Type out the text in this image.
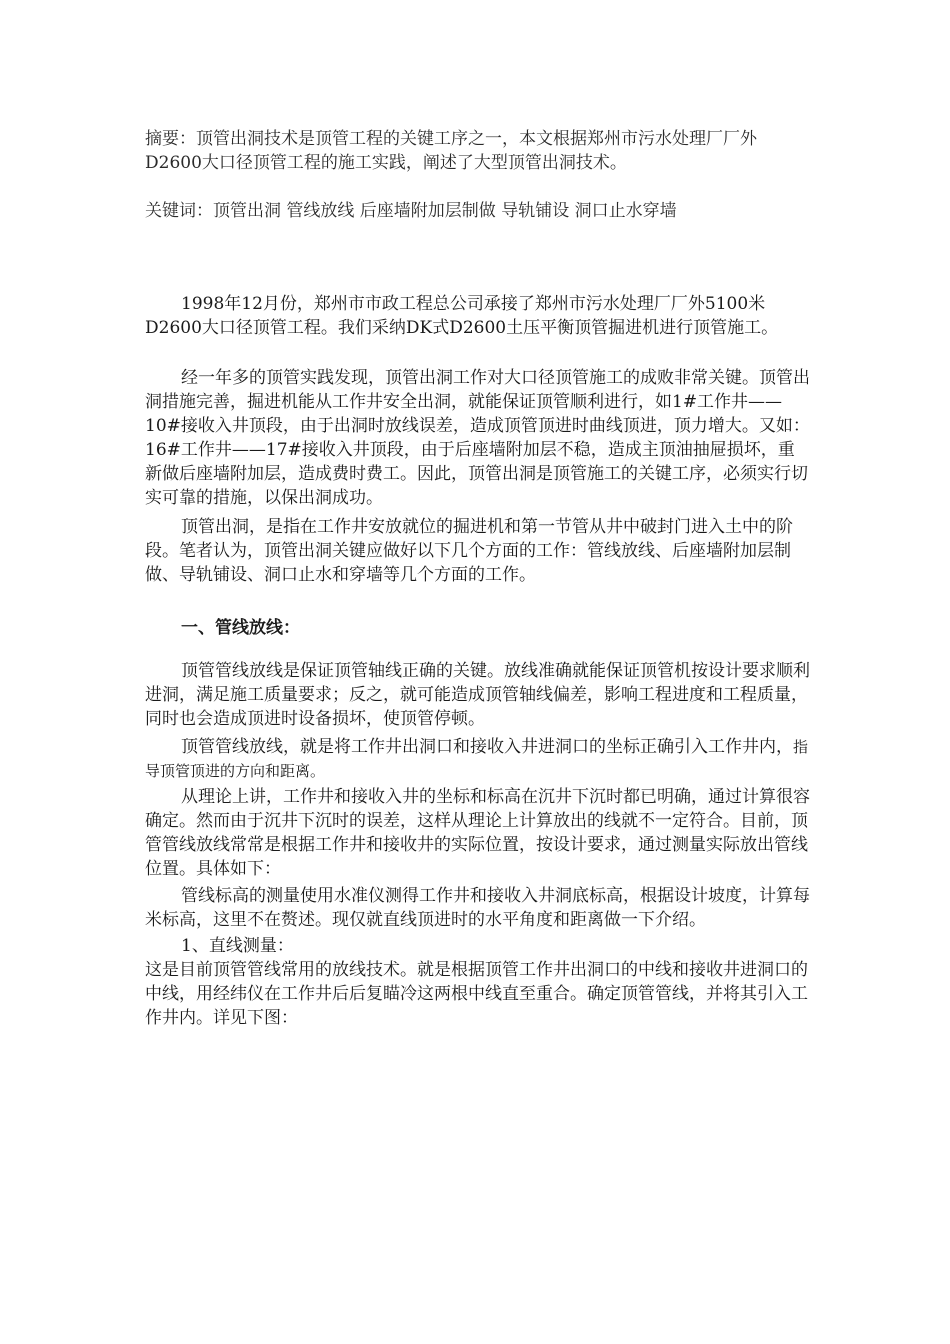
摘要：顶管出洞技术是顶管工程的关键工序之一，本文根据郑州市污水处理厂厂外D2600大口径顶管工程的施工实践，阐述了大型顶管出洞技术。

关键词：顶管出洞 管线放线 后座墙附加层制做 导轨铺设 洞口止水穿墙

1998年12月份，郑州市市政工程总公司承接了郑州市污水处理厂厂外5100米D2600大口径顶管工程。我们采纳DK式D2600土压平衡顶管掘进机进行顶管施工。

经一年多的顶管实践发现，顶管出洞工作对大口径顶管施工的成败非常关键。顶管出洞措施完善，掘进机能从工作井安全出洞，就能保证顶管顺利进行，如1#工作井——10#接收入井顶段，由于出洞时放线误差，造成顶管顶进时曲线顶进，顶力增大。又如：16#工作井——17#接收入井顶段，由于后座墙附加层不稳，造成主顶油抽屉损坏，重新做后座墙附加层，造成费时费工。因此，顶管出洞是顶管施工的关键工序，必须实行切实可靠的措施，以保出洞成功。

顶管出洞，是指在工作井安放就位的掘进机和第一节管从井中破封门进入土中的阶段。笔者认为，顶管出洞关键应做好以下几个方面的工作：管线放线、后座墙附加层制做、导轨铺设、洞口止水和穿墙等几个方面的工作。

一、管线放线：

顶管管线放线是保证顶管轴线正确的关键。放线准确就能保证顶管机按设计要求顺利进洞，满足施工质量要求；反之，就可能造成顶管轴线偏差，影响工程进度和工程质量，同时也会造成顶进时设备损坏，使顶管停顿。

顶管管线放线，就是将工作井出洞口和接收入井进洞口的坐标正确引入工作井内，指导顶管顶进的方向和距离。

从理论上讲，工作井和接收入井的坐标和标高在沉井下沉时都已明确，通过计算很容确定。然而由于沉井下沉时的误差，这样从理论上计算放出的线就不一定符合。目前，顶管管线放线常常是根据工作井和接收井的实际位置，按设计要求，通过测量实际放出管线位置。具体如下：

管线标高的测量使用水准仪测得工作井和接收入井洞底标高，根据设计坡度，计算每米标高，这里不在赘述。现仅就直线顶进时的水平角度和距离做一下介绍。

1、直线测量：

这是目前顶管管线常用的放线技术。就是根据顶管工作井出洞口的中线和接收井进洞口的中线，用经纬仪在工作井后后复瞄冷这两根中线直至重合。确定顶管管线，并将其引入工作井内。详见下图：
